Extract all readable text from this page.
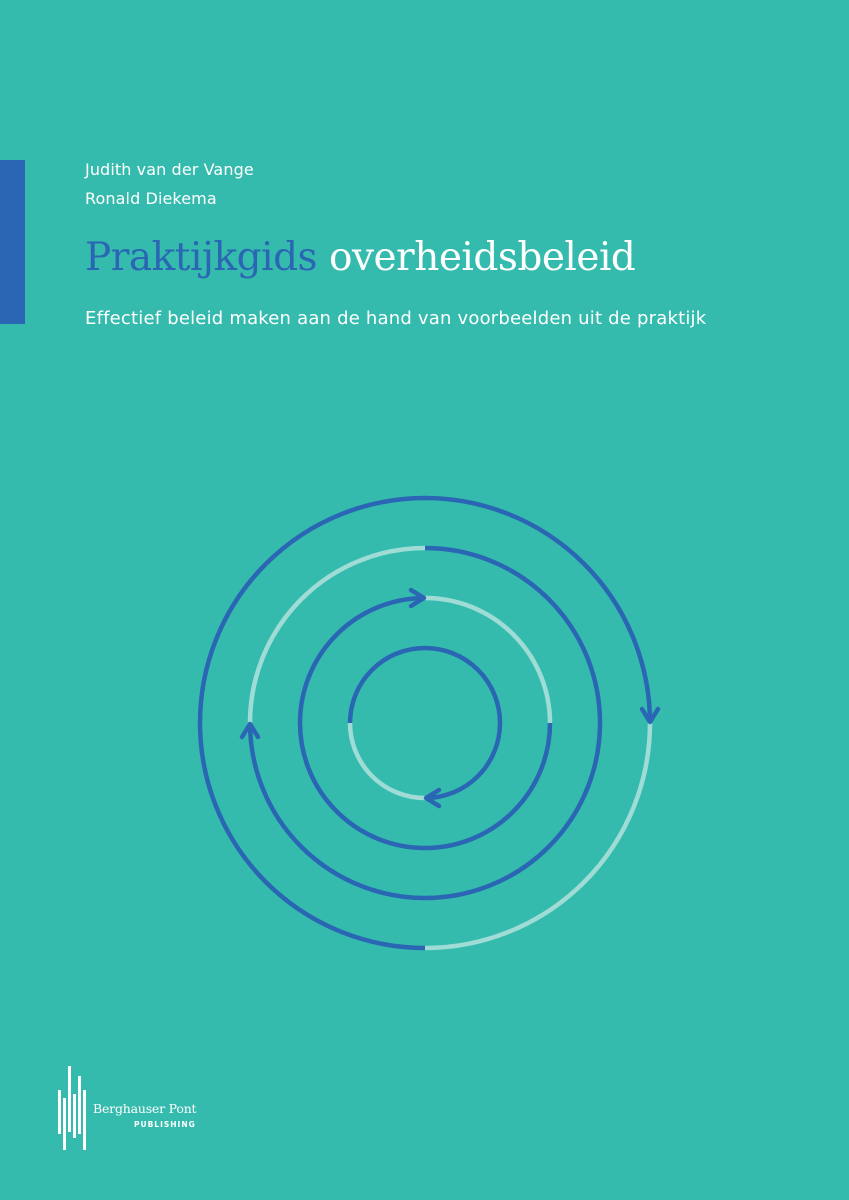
Judith van der Vange
Ronald Diekema
Praktijkgids overheidsbeleid
Effectief beleid maken aan de hand van voorbeelden uit de praktijk
Berghauser Pont
PUBLISHING
